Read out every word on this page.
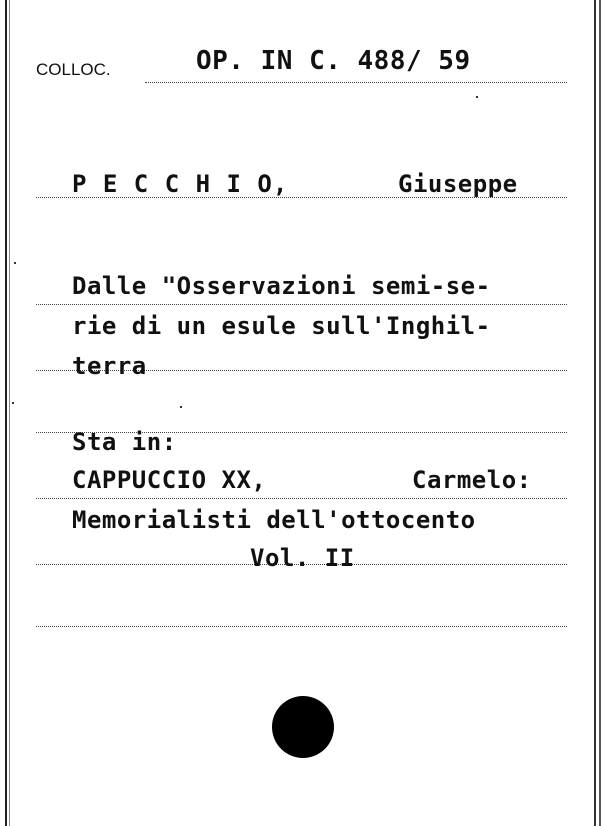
COLLOC.	OP. IN C. 488/ 59
P E C C H I O,	Giuseppe
Dalle "Osservazioni semi-se-
rie di un esule sull'Inghil-
terra
Sta in:
CAPPUCCIO XX,	Carmelo:
Memorialisti dell'ottocento
Vol. II
